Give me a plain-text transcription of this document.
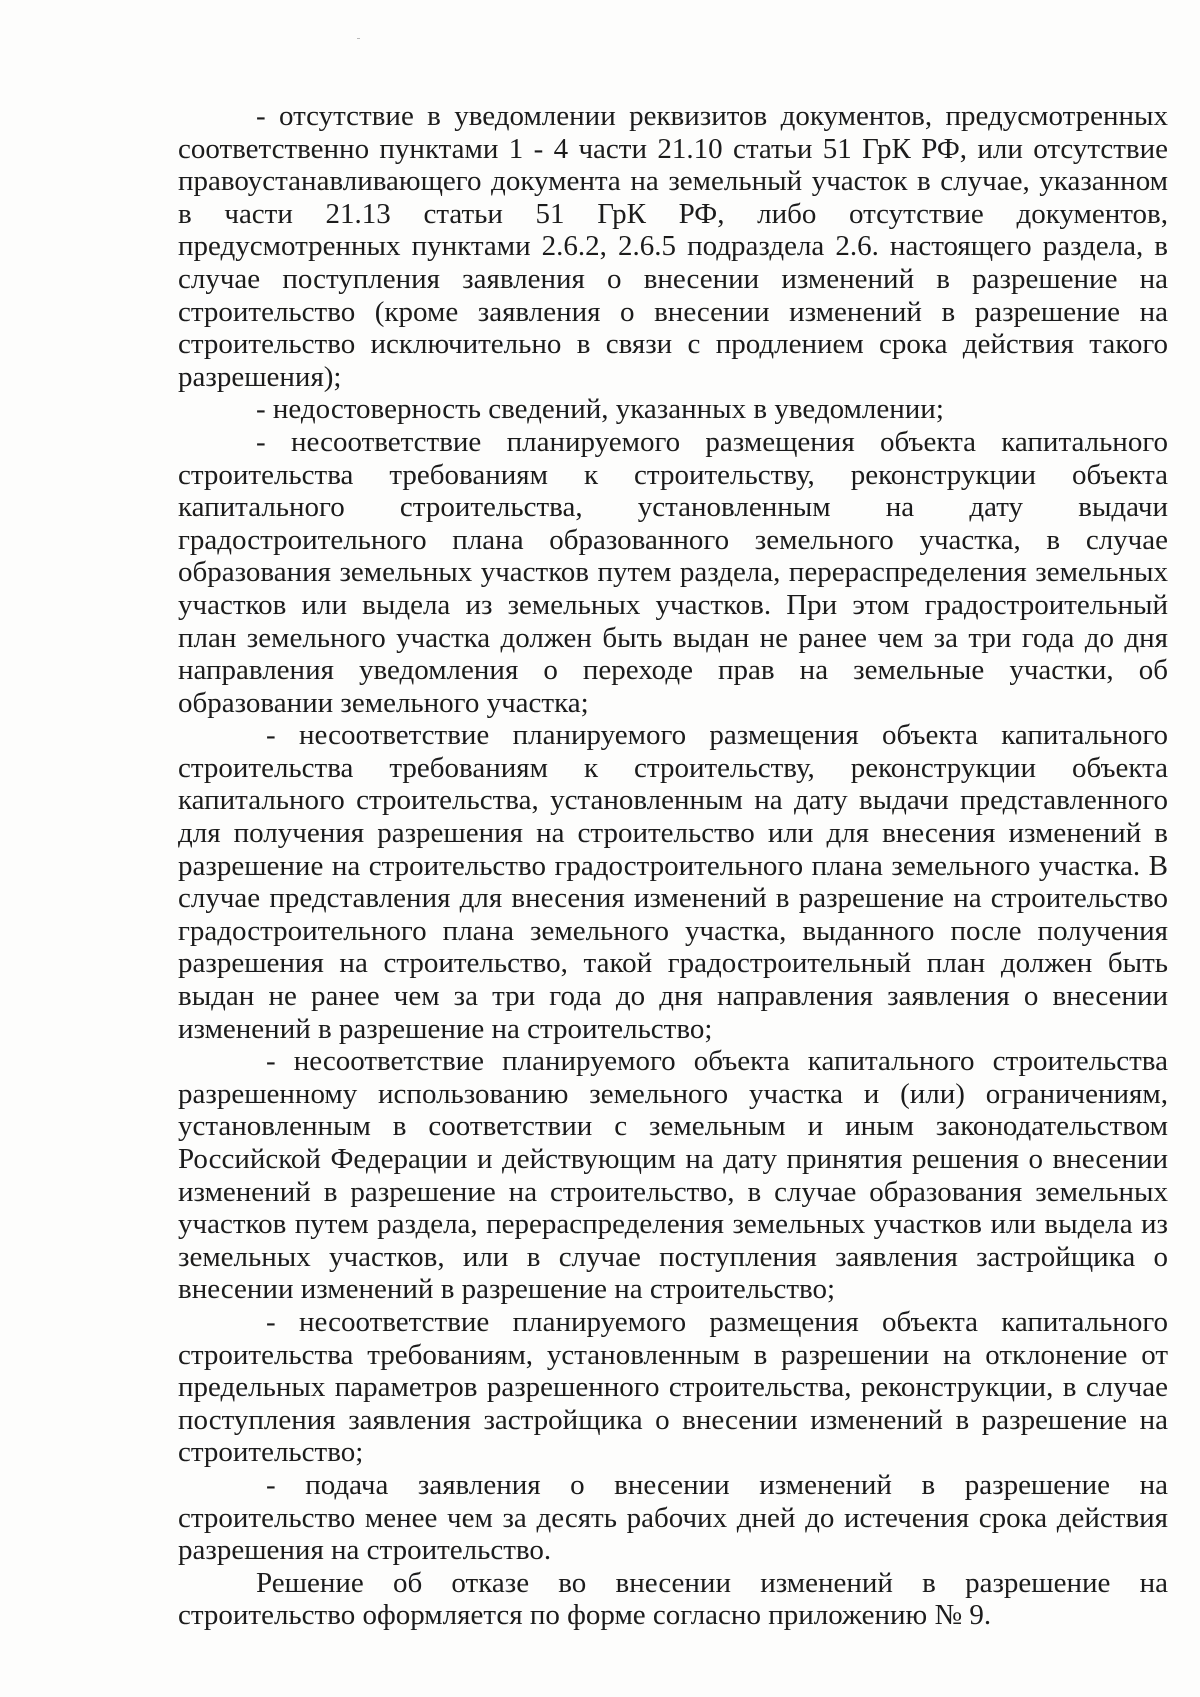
- отсутствие в уведомлении реквизитов документов, предусмотренных соответственно пунктами 1 - 4 части 21.10 статьи 51 ГрК РФ, или отсутствие правоустанавливающего документа на земельный участок в случае, указанном в части 21.13 статьи 51 ГрК РФ, либо отсутствие документов, предусмотренных пунктами 2.6.2, 2.6.5 подраздела 2.6. настоящего раздела, в случае поступления заявления о внесении изменений в разрешение на строительство (кроме заявления о внесении изменений в разрешение на строительство исключительно в связи с продлением срока действия такого разрешения);

- недостоверность сведений, указанных в уведомлении;

- несоответствие планируемого размещения объекта капитального строительства требованиям к строительству, реконструкции объекта капитального строительства, установленным на дату выдачи градостроительного плана образованного земельного участка, в случае образования земельных участков путем раздела, перераспределения земельных участков или выдела из земельных участков. При этом градостроительный план земельного участка должен быть выдан не ранее чем за три года до дня направления уведомления о переходе прав на земельные участки, об образовании земельного участка;

- несоответствие планируемого размещения объекта капитального строительства требованиям к строительству, реконструкции объекта капитального строительства, установленным на дату выдачи представленного для получения разрешения на строительство или для внесения изменений в разрешение на строительство градостроительного плана земельного участка. В случае представления для внесения изменений в разрешение на строительство градостроительного плана земельного участка, выданного после получения разрешения на строительство, такой градостроительный план должен быть выдан не ранее чем за три года до дня направления заявления о внесении изменений в разрешение на строительство;

- несоответствие планируемого объекта капитального строительства разрешенному использованию земельного участка и (или) ограничениям, установленным в соответствии с земельным и иным законодательством Российской Федерации и действующим на дату принятия решения о внесении изменений в разрешение на строительство, в случае образования земельных участков путем раздела, перераспределения земельных участков или выдела из земельных участков, или в случае поступления заявления застройщика о внесении изменений в разрешение на строительство;

- несоответствие планируемого размещения объекта капитального строительства требованиям, установленным в разрешении на отклонение от предельных параметров разрешенного строительства, реконструкции, в случае поступления заявления застройщика о внесении изменений в разрешение на строительство;

- подача заявления о внесении изменений в разрешение на строительство менее чем за десять рабочих дней до истечения срока действия разрешения на строительство.

Решение об отказе во внесении изменений в разрешение на строительство оформляется по форме согласно приложению № 9.
